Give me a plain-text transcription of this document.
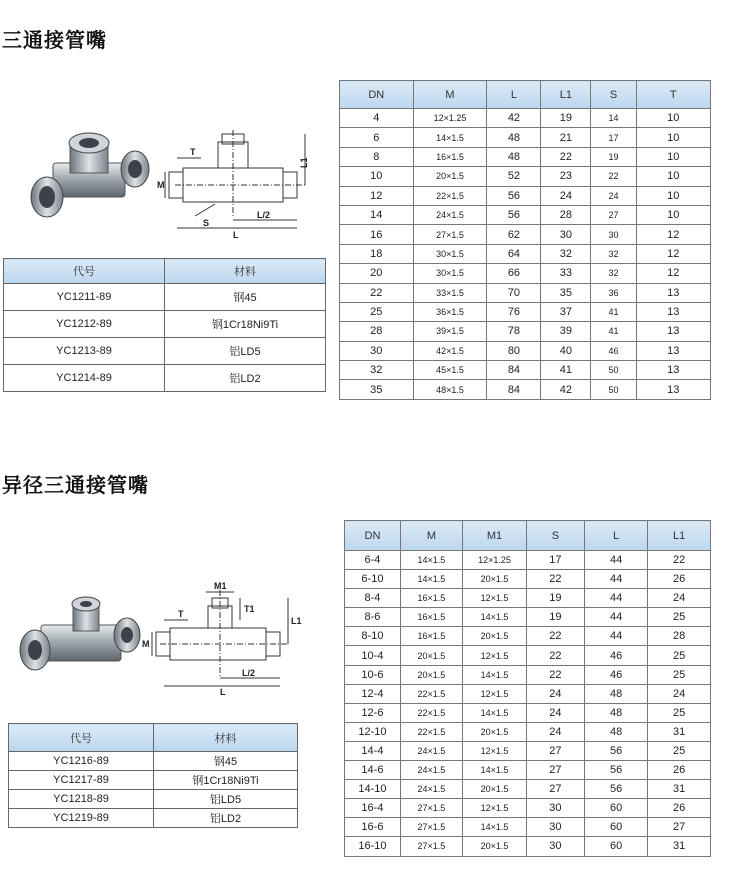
三通接管嘴
T
M
S
L
L/2
L1
代号	材料
YC1211-89	钢45
YC1212-89	钢1Cr18Ni9Ti
YC1213-89	铝LD5
YC1214-89	铝LD2
DN	M	L	L1	S	T
4	12×1.25	42	19	14	10
6	14×1.5	48	21	17	10
8	16×1.5	48	22	19	10
10	20×1.5	52	23	22	10
12	22×1.5	56	24	24	10
14	24×1.5	56	28	27	10
16	27×1.5	62	30	30	12
18	30×1.5	64	32	32	12
20	30×1.5	66	33	32	12
22	33×1.5	70	35	36	13
25	36×1.5	76	37	41	13
28	39×1.5	78	39	41	13
30	42×1.5	80	40	46	13
32	45×1.5	84	41	50	13
35	48×1.5	84	42	50	13
异径三通接管嘴
M1
T
M
T1
L
L/2
L1
代号	材料
YC1216-89	钢45
YC1217-89	钢1Cr18Ni9Ti
YC1218-89	铝LD5
YC1219-89	铝LD2
DN	M	M1	S	L	L1
6-4	14×1.5	12×1.25	17	44	22
6-10	14×1.5	20×1.5	22	44	26
8-4	16×1.5	12×1.5	19	44	24
8-6	16×1.5	14×1.5	19	44	25
8-10	16×1.5	20×1.5	22	44	28
10-4	20×1.5	12×1.5	22	46	25
10-6	20×1.5	14×1.5	22	46	25
12-4	22×1.5	12×1.5	24	48	24
12-6	22×1.5	14×1.5	24	48	25
12-10	22×1.5	20×1.5	24	48	31
14-4	24×1.5	12×1.5	27	56	25
14-6	24×1.5	14×1.5	27	56	26
14-10	24×1.5	20×1.5	27	56	31
16-4	27×1.5	12×1.5	30	60	26
16-6	27×1.5	14×1.5	30	60	27
16-10	27×1.5	20×1.5	30	60	31
